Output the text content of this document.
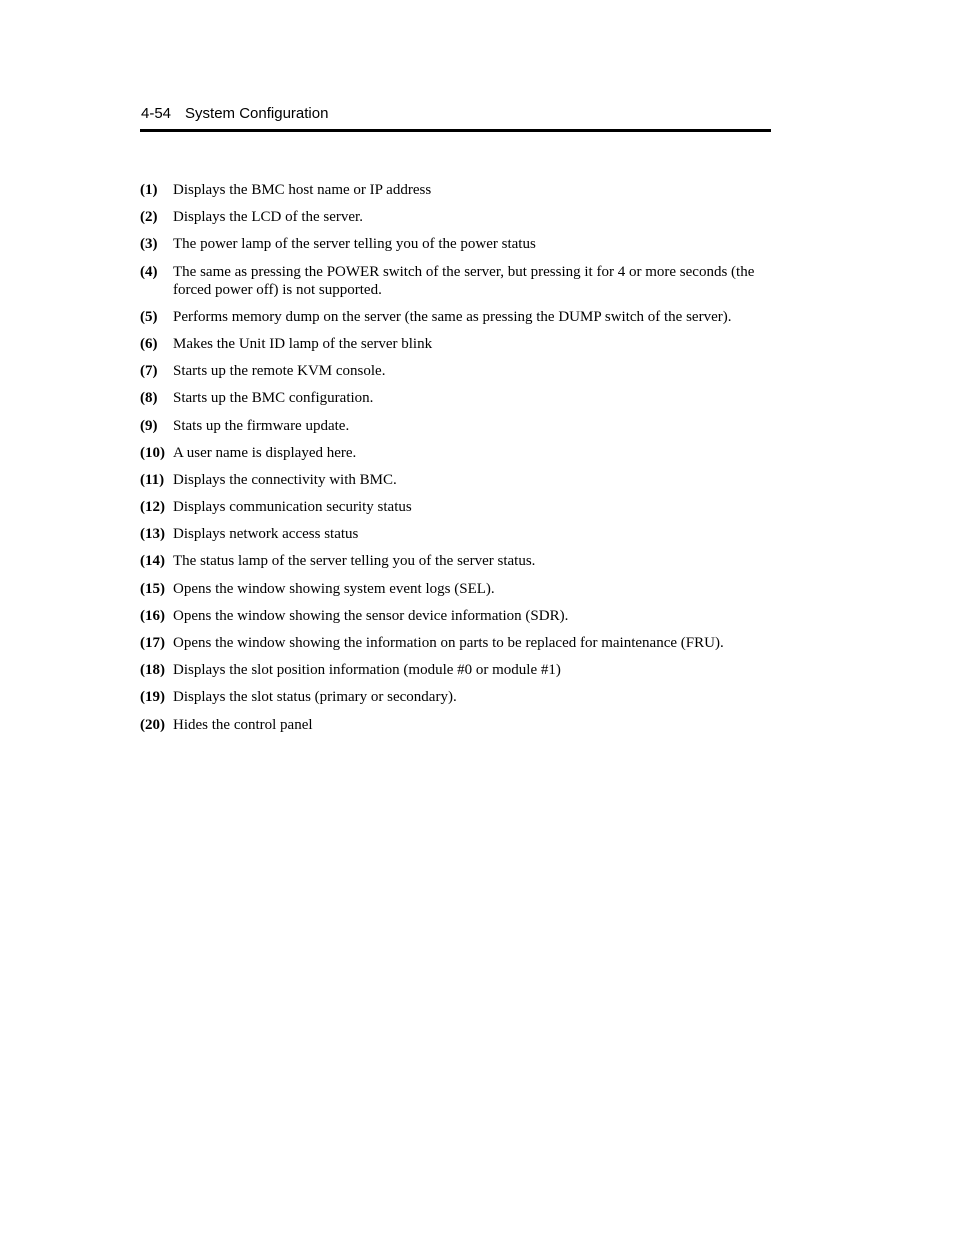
4-54 System Configuration
(1)	Displays the BMC host name or IP address
(2)	Displays the LCD of the server.
(3)	The power lamp of the server telling you of the power status
(4)	The same as pressing the POWER switch of the server, but pressing it for 4 or more seconds (the forced power off) is not supported.
(5)	Performs memory dump on the server (the same as pressing the DUMP switch of the server).
(6)	Makes the Unit ID lamp of the server blink
(7)	Starts up the remote KVM console.
(8)	Starts up the BMC configuration.
(9)	Stats up the firmware update.
(10) A user name is displayed here.
(11) Displays the connectivity with BMC.
(12) Displays communication security status
(13) Displays network access status
(14) The status lamp of the server telling you of the server status.
(15) Opens the window showing system event logs (SEL).
(16) Opens the window showing the sensor device information (SDR).
(17) Opens the window showing the information on parts to be replaced for maintenance (FRU).
(18) Displays the slot position information (module #0 or module #1)
(19) Displays the slot status (primary or secondary).
(20) Hides the control panel
